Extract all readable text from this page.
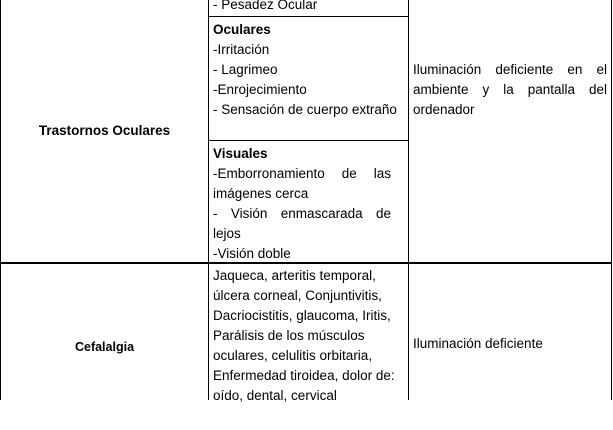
Trastornos Oculares

- Pesadez Ocular

Oculares

-Irritación

- Lagrimeo

-Enrojecimiento

- Sensación de cuerpo extraño

Visuales

-Emborronamiento de las imágenes cerca

- Visión enmascarada de lejos

-Visión doble

Iluminación deficiente en el ambiente y la pantalla del ordenador

Cefalalgia

Jaqueca, arteritis temporal, úlcera corneal, Conjuntivitis, Dacriocistitis, glaucoma, Iritis, Parálisis de los músculos oculares, celulitis orbitaria, Enfermedad tiroidea, dolor de: oído, dental, cervical

Iluminación deficiente
